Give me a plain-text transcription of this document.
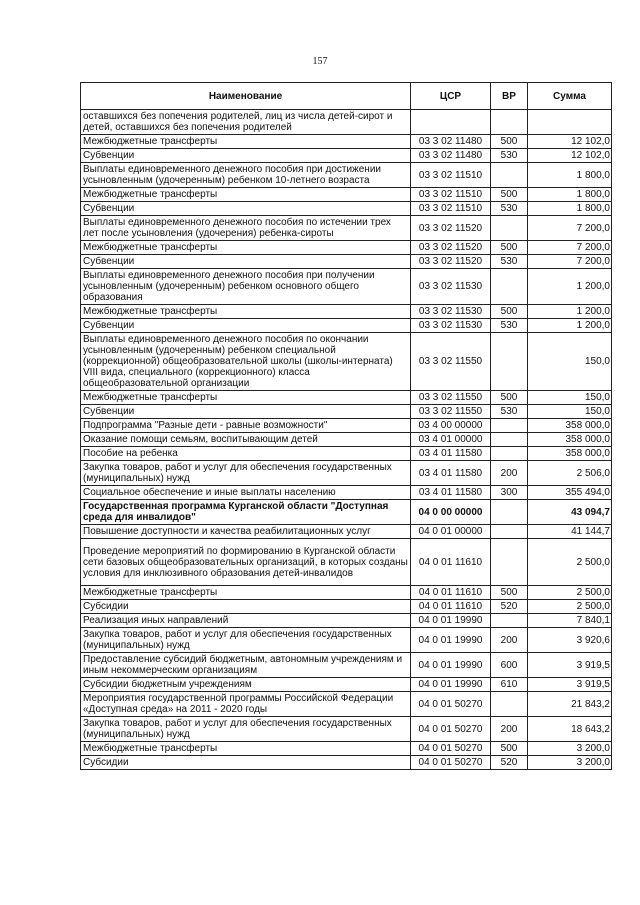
157
Наименование	ЦСР	ВР	Сумма
оставшихся без попечения родителей, лиц из числа детей-сирот и детей, оставшихся без попечения родителей			
Межбюджетные трансферты	03 3 02 11480	500	12 102,0
Субвенции	03 3 02 11480	530	12 102,0
Выплаты единовременного денежного пособия при достижении усыновленным (удочеренным) ребенком 10-летнего возраста	03 3 02 11510		1 800,0
Межбюджетные трансферты	03 3 02 11510	500	1 800,0
Субвенции	03 3 02 11510	530	1 800,0
Выплаты единовременного денежного пособия по истечении трех лет после усыновления (удочерения) ребенка-сироты	03 3 02 11520		7 200,0
Межбюджетные трансферты	03 3 02 11520	500	7 200,0
Субвенции	03 3 02 11520	530	7 200,0
Выплаты единовременного денежного пособия при получении усыновленным (удочеренным) ребенком основного общего образования	03 3 02 11530		1 200,0
Межбюджетные трансферты	03 3 02 11530	500	1 200,0
Субвенции	03 3 02 11530	530	1 200,0
Выплаты единовременного денежного пособия по окончании усыновленным (удочеренным) ребенком специальной (коррекционной) общеобразовательной школы (школы-интерната) VIII вида, специального (коррекционного) класса общеобразовательной организации	03 3 02 11550		150,0
Межбюджетные трансферты	03 3 02 11550	500	150,0
Субвенции	03 3 02 11550	530	150,0
Подпрограмма "Разные дети - равные возможности"	03 4 00 00000		358 000,0
Оказание помощи семьям, воспитывающим детей	03 4 01 00000		358 000,0
Пособие на ребенка	03 4 01 11580		358 000,0
Закупка товаров, работ и услуг для обеспечения государственных (муниципальных) нужд	03 4 01 11580	200	2 506,0
Социальное обеспечение и иные выплаты населению	03 4 01 11580	300	355 494,0
Государственная программа Курганской области "Доступная среда для инвалидов"	04 0 00 00000		43 094,7
Повышение доступности и качества реабилитационных услуг	04 0 01 00000		41 144,7
Проведение мероприятий по формированию в Курганской области сети базовых общеобразовательных организаций, в которых созданы условия для инклюзивного образования детей-инвалидов	04 0 01 11610		2 500,0
Межбюджетные трансферты	04 0 01 11610	500	2 500,0
Субсидии	04 0 01 11610	520	2 500,0
Реализация иных направлений	04 0 01 19990		7 840,1
Закупка товаров, работ и услуг для обеспечения государственных (муниципальных) нужд	04 0 01 19990	200	3 920,6
Предоставление субсидий бюджетным, автономным учреждениям и иным некоммерческим организациям	04 0 01 19990	600	3 919,5
Субсидии бюджетным учреждениям	04 0 01 19990	610	3 919,5
Мероприятия государственной программы Российской Федерации «Доступная среда» на 2011 - 2020 годы	04 0 01 50270		21 843,2
Закупка товаров, работ и услуг для обеспечения государственных (муниципальных) нужд	04 0 01 50270	200	18 643,2
Межбюджетные трансферты	04 0 01 50270	500	3 200,0
Субсидии	04 0 01 50270	520	3 200,0
